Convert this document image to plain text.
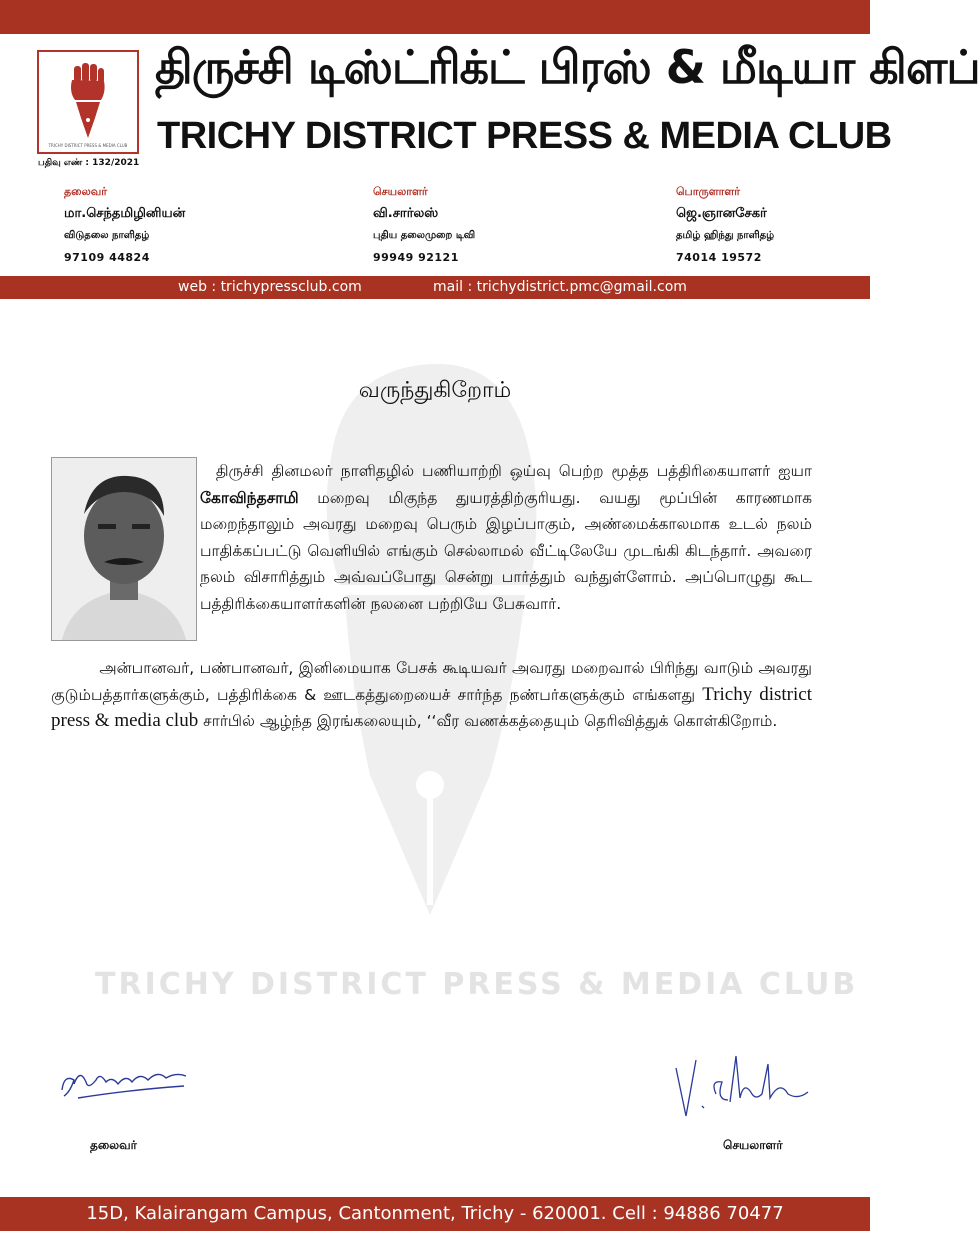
TRICHY DISTRICT PRESS & MEDIA CLUB
பதிவு எண் : 132/2021
திருச்சி டிஸ்ட்ரிக்ட் பிரஸ் & மீடியா கிளப்
TRICHY DISTRICT PRESS & MEDIA CLUB
தலைவர்
மா.செந்தமிழினியன்
விடுதலை நாளிதழ்
97109 44824
செயலாளர்
வி.சார்லஸ்
புதிய தலைமுறை டிவி
99949 92121
பொருளாளர்
ஜெ.ஞானசேகர்
தமிழ் ஹிந்து நாளிதழ்
74014 19572
web : trichypressclub.com	mail : trichydistrict.pmc@gmail.com
TRICHY DISTRICT PRESS & MEDIA CLUB
வருந்துகிறோம்

திருச்சி தினமலர் நாளிதழில் பணியாற்றி ஒய்வு பெற்ற மூத்த பத்திரிகையாளர் ஐயா கோவிந்தசாமி மறைவு மிகுந்த துயரத்திற்குரியது. வயது மூப்பின் காரணமாக மறைந்தாலும் அவரது மறைவு பெரும் இழப்பாகும், அண்மைக்காலமாக உடல் நலம் பாதிக்கப்பட்டு வெளியில் எங்கும் செல்லாமல் வீட்டிலேயே முடங்கி கிடந்தார். அவரை நலம் விசாரித்தும் அவ்வப்போது சென்று பார்த்தும் வந்துள்ளோம். அப்பொழுது கூட பத்திரிக்கையாளர்களின் நலனை பற்றியே பேசுவார்.

அன்பானவர், பண்பானவர், இனிமையாக பேசக் கூடியவர் அவரது மறைவால் பிரிந்து வாடும் அவரது குடும்பத்தார்களுக்கும், பத்திரிக்கை & ஊடகத்துறையைச் சார்ந்த நண்பர்களுக்கும் எங்களது Trichy district press & media club சார்பில் ஆழ்ந்த இரங்கலையும், ‘‘வீர வணக்கத்தையும் தெரிவித்துக் கொள்கிறோம்.

தலைவர்	செயலாளர்
15D, Kalairangam Campus, Cantonment, Trichy - 620001. Cell : 94886 70477
